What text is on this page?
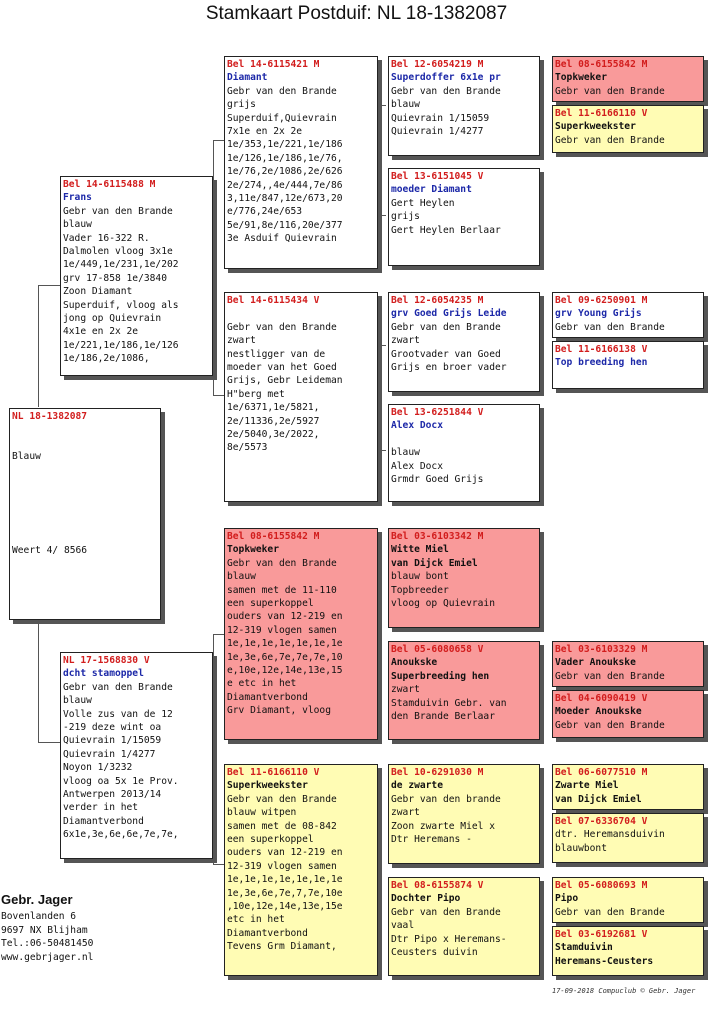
Stamkaart Postduif: NL 18-1382087
NL 18-1382087

Blauw

Weert 4/ 8566
Bel 14-6115488 M
Frans
Gebr van den Brande
blauw
Vader 16-322 R.
Dalmolen vloog 3x1e
1e/449,1e/231,1e/202
grv 17-858 1e/3840
Zoon Diamant
Superduif, vloog als
jong op Quievrain
4x1e en 2x 2e
1e/221,1e/186,1e/126
1e/186,2e/1086,
NL 17-1568830 V
dcht stamoppel
Gebr van den Brande
blauw
Volle zus van de 12
-219 deze wint oa
Quievrain 1/15059
Quievrain 1/4277
Noyon 1/3232
vloog oa 5x 1e Prov.
Antwerpen 2013/14
verder in het
Diamantverbond
6x1e,3e,6e,6e,7e,7e,
Bel 14-6115421 M
Diamant
Gebr van den Brande
grijs
Superduif,Quievrain
7x1e en 2x 2e
1e/353,1e/221,1e/186
1e/126,1e/186,1e/76,
1e/76,2e/1086,2e/626
2e/274,,4e/444,7e/86
3,11e/847,12e/673,20
e/776,24e/653
5e/91,8e/116,20e/377
3e Asduif Quievrain
Bel 14-6115434 V

Gebr van den Brande
zwart
nestligger van de
moeder van het Goed
Grijs, Gebr Leideman
H"berg met
1e/6371,1e/5821,
2e/11336,2e/5927
2e/5040,3e/2022,
8e/5573
Bel 08-6155842 M
Topkweker
Gebr van den Brande
blauw
samen met de 11-110
een superkoppel
ouders van 12-219 en
12-319 vlogen samen
1e,1e,1e,1e,1e,1e,1e
1e,3e,6e,7e,7e,7e,10
e,10e,12e,14e,13e,15
e etc in het
Diamantverbond
Grv Diamant, vloog
Bel 11-6166110 V
Superkweekster
Gebr van den Brande
blauw witpen
samen met de 08-842
een superkoppel
ouders van 12-219 en
12-319 vlogen samen
1e,1e,1e,1e,1e,1e,1e
1e,3e,6e,7e,7,7e,10e
,10e,12e,14e,13e,15e
etc in het
Diamantverbond
Tevens Grm Diamant,
Bel 12-6054219 M
Superdoffer 6x1e pr
Gebr van den Brande
blauw
Quievrain 1/15059
Quievrain 1/4277
Bel 13-6151045 V
moeder Diamant
Gert Heylen
grijs
Gert Heylen Berlaar
Bel 12-6054235 M
grv Goed Grijs Leide
Gebr van den Brande
zwart
Grootvader van Goed
Grijs en broer vader
Bel 13-6251844 V
Alex Docx

blauw
Alex Docx
Grmdr Goed Grijs
Bel 03-6103342 M
Witte Miel
van Dijck Emiel
blauw bont
Topbreeder
vloog op Quievrain
Bel 05-6080658 V
Anoukske
Superbreeding hen
zwart
Stamduivin Gebr. van
den Brande Berlaar
Bel 10-6291030 M
de zwarte
Gebr van den brande
zwart
Zoon zwarte Miel x
Dtr Heremans -
Bel 08-6155874 V
Dochter Pipo
Gebr van den Brande
vaal
Dtr Pipo x Heremans-
Ceusters duivin
Bel 08-6155842 M
Topkweker
Gebr van den Brande
Bel 11-6166110 V
Superkweekster
Gebr van den Brande
Bel 09-6250901 M
grv Young Grijs
Gebr van den Brande
Bel 11-6166138 V
Top breeding hen

Bel 03-6103329 M
Vader Anoukske
Gebr van den Brande
Bel 04-6090419 V
Moeder Anoukske
Gebr van den Brande
Bel 06-6077510 M
Zwarte Miel
van Dijck Emiel
Bel 07-6336704 V
dtr. Heremansduivin
blauwbont
Bel 05-6080693 M
Pipo
Gebr van den Brande
Bel 03-6192681 V
Stamduivin
Heremans-Ceusters
Gebr. Jager
Bovenlanden 6
9697 NX Blijham
Tel.:06-50481450
www.gebrjager.nl
17-09-2018 Compuclub © Gebr. Jager
